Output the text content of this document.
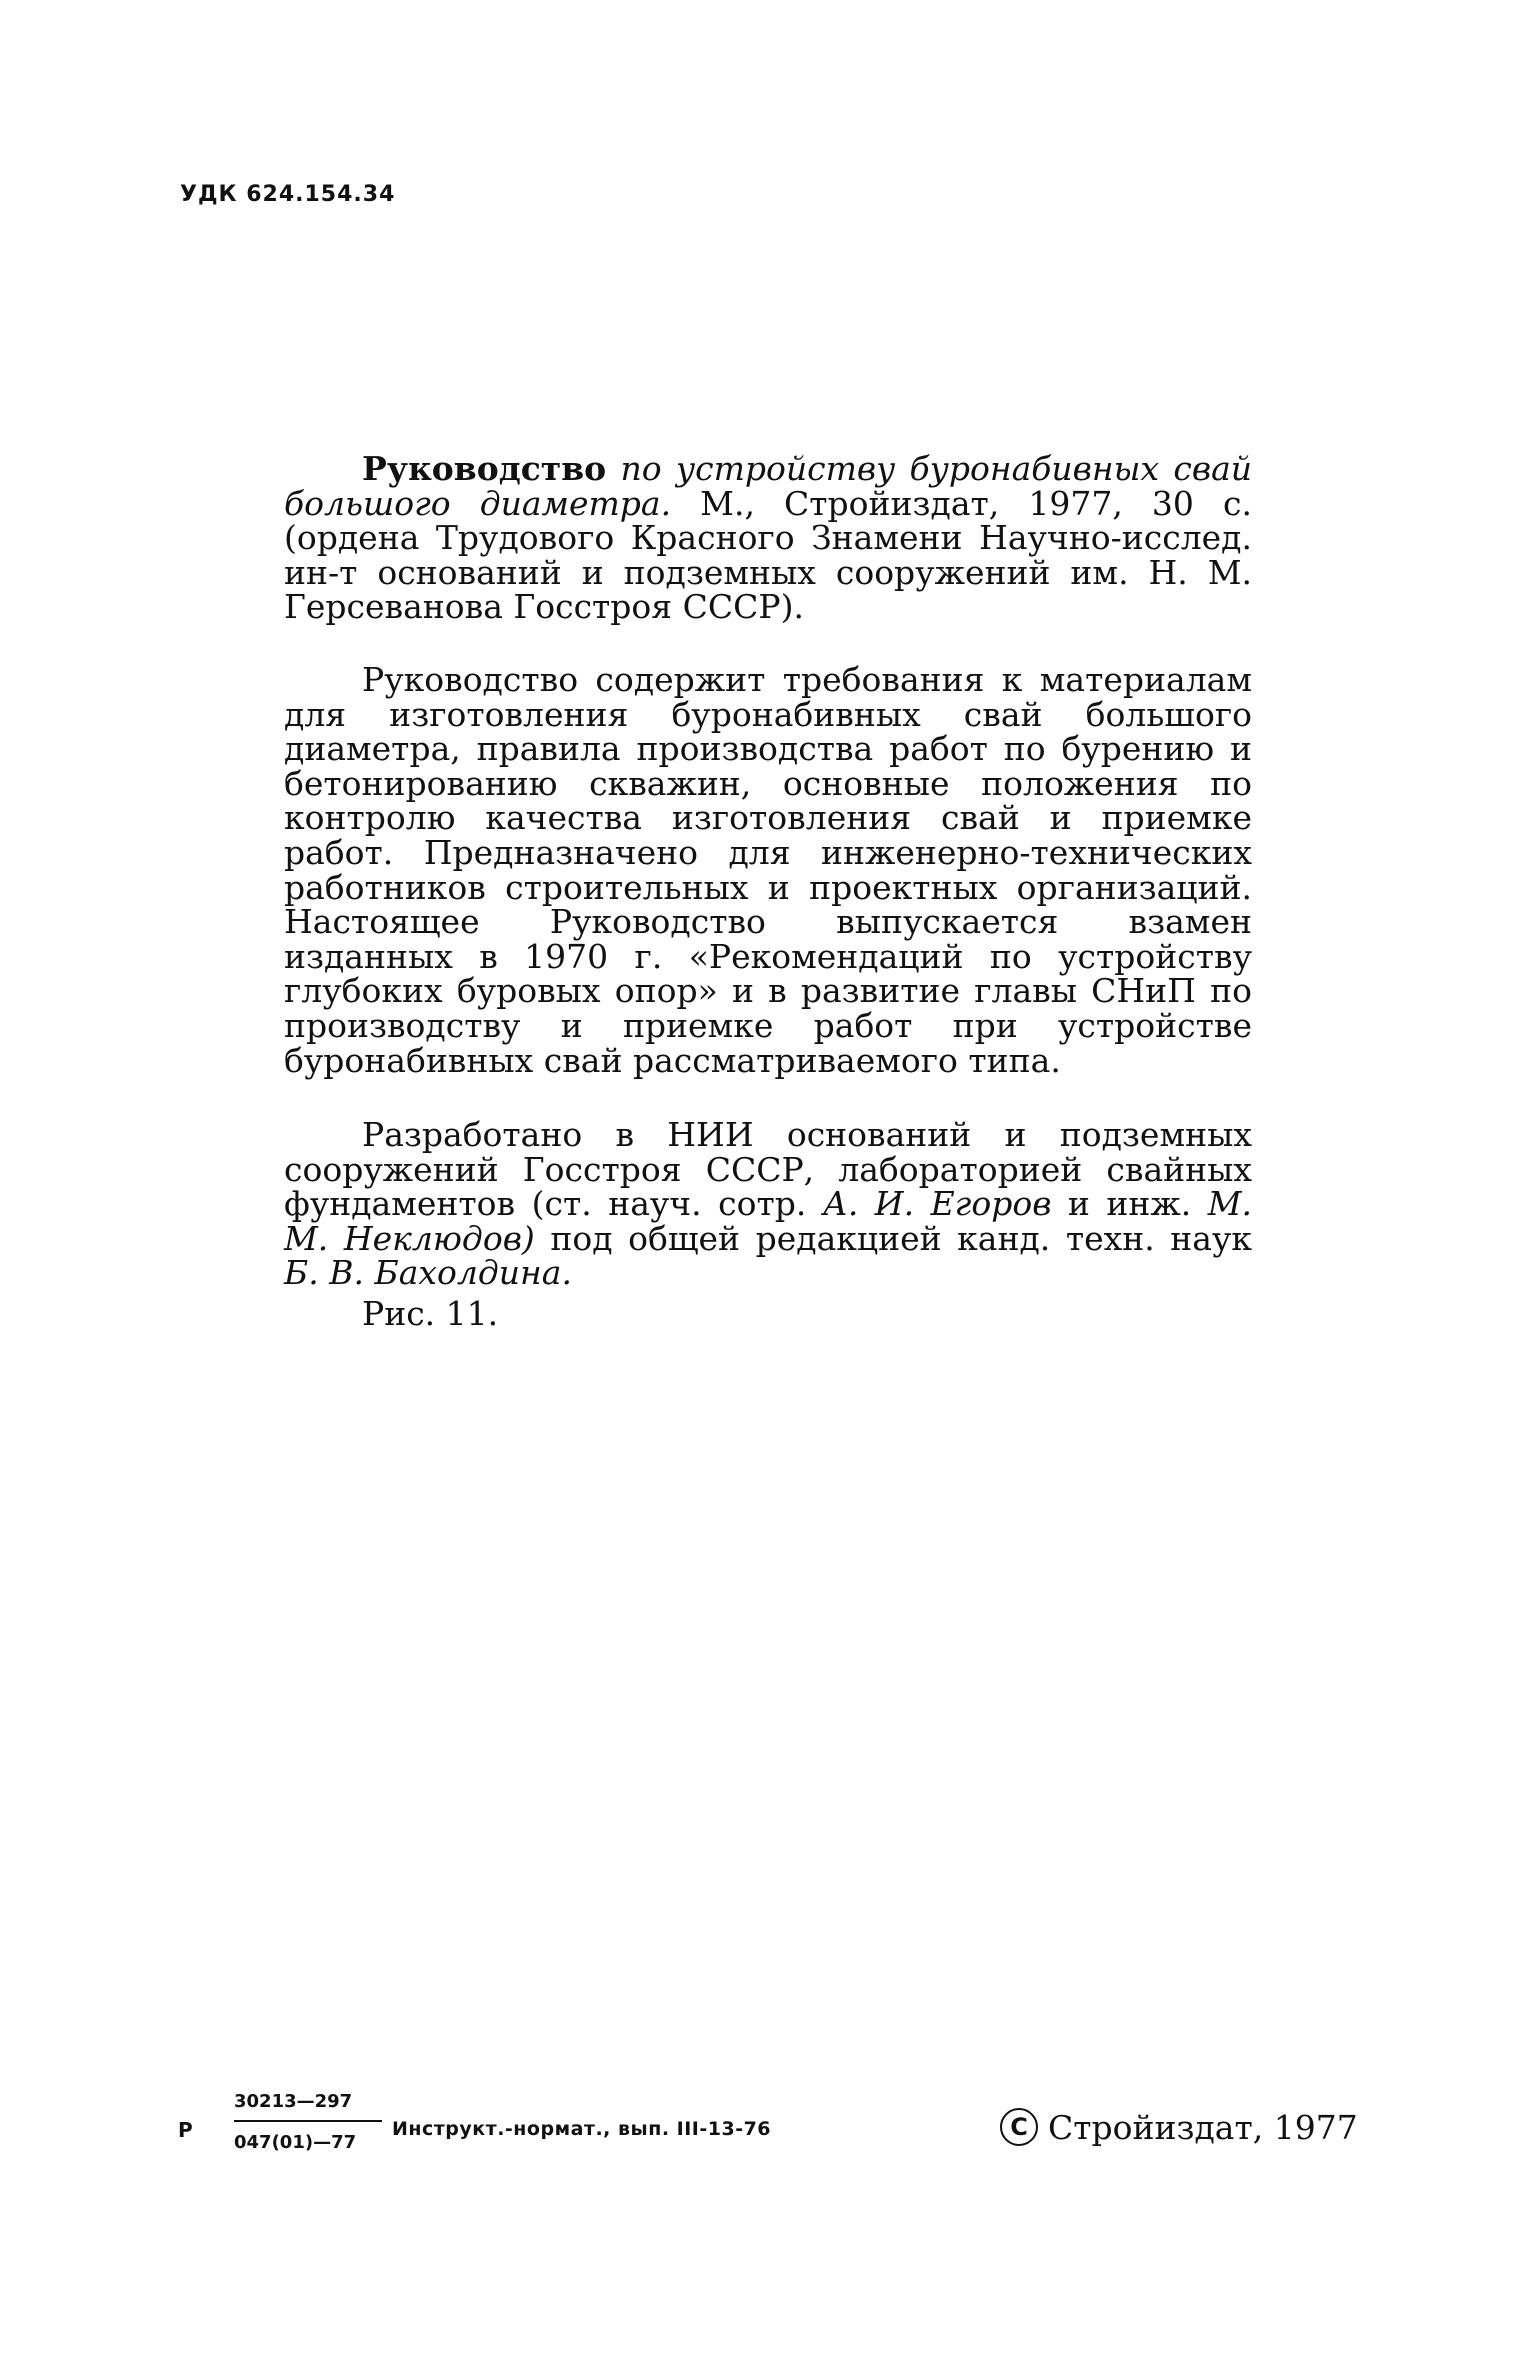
УДК 624.154.34

Руководство по устройству буронабивных свай большого диаметра. М., Стройиздат, 1977, 30 с. (ордена Трудового Красного Знамени Научно-исслед. ин-т оснований и подземных сооружений им. Н. М. Герсеванова Госстроя СССР).

Руководство содержит требования к материалам для изготовления буронабивных свай большого диаметра, правила производства работ по бурению и бетонированию скважин, основные положения по контролю качества изготовления свай и приемке работ. Предназначено для инженерно-технических работников строительных и проектных организаций. Настоящее Руководство выпускается взамен изданных в 1970 г. «Рекомендаций по устройству глубоких буровых опор» и в развитие главы СНиП по производству и приемке работ при устройстве буронабивных свай рассматриваемого типа.

Разработано в НИИ оснований и подземных сооружений Госстроя СССР, лабораторией свайных фундаментов (ст. науч. сотр. А. И. Егоров и инж. М. М. Неклюдов) под общей редакцией канд. техн. наук Б. В. Бахолдина.

Рис. 11.
Р $\frac{30213—297}{047(01)—77}$ Инструкт.-нормат., вып. III-13-76	С Стройиздат, 1977
